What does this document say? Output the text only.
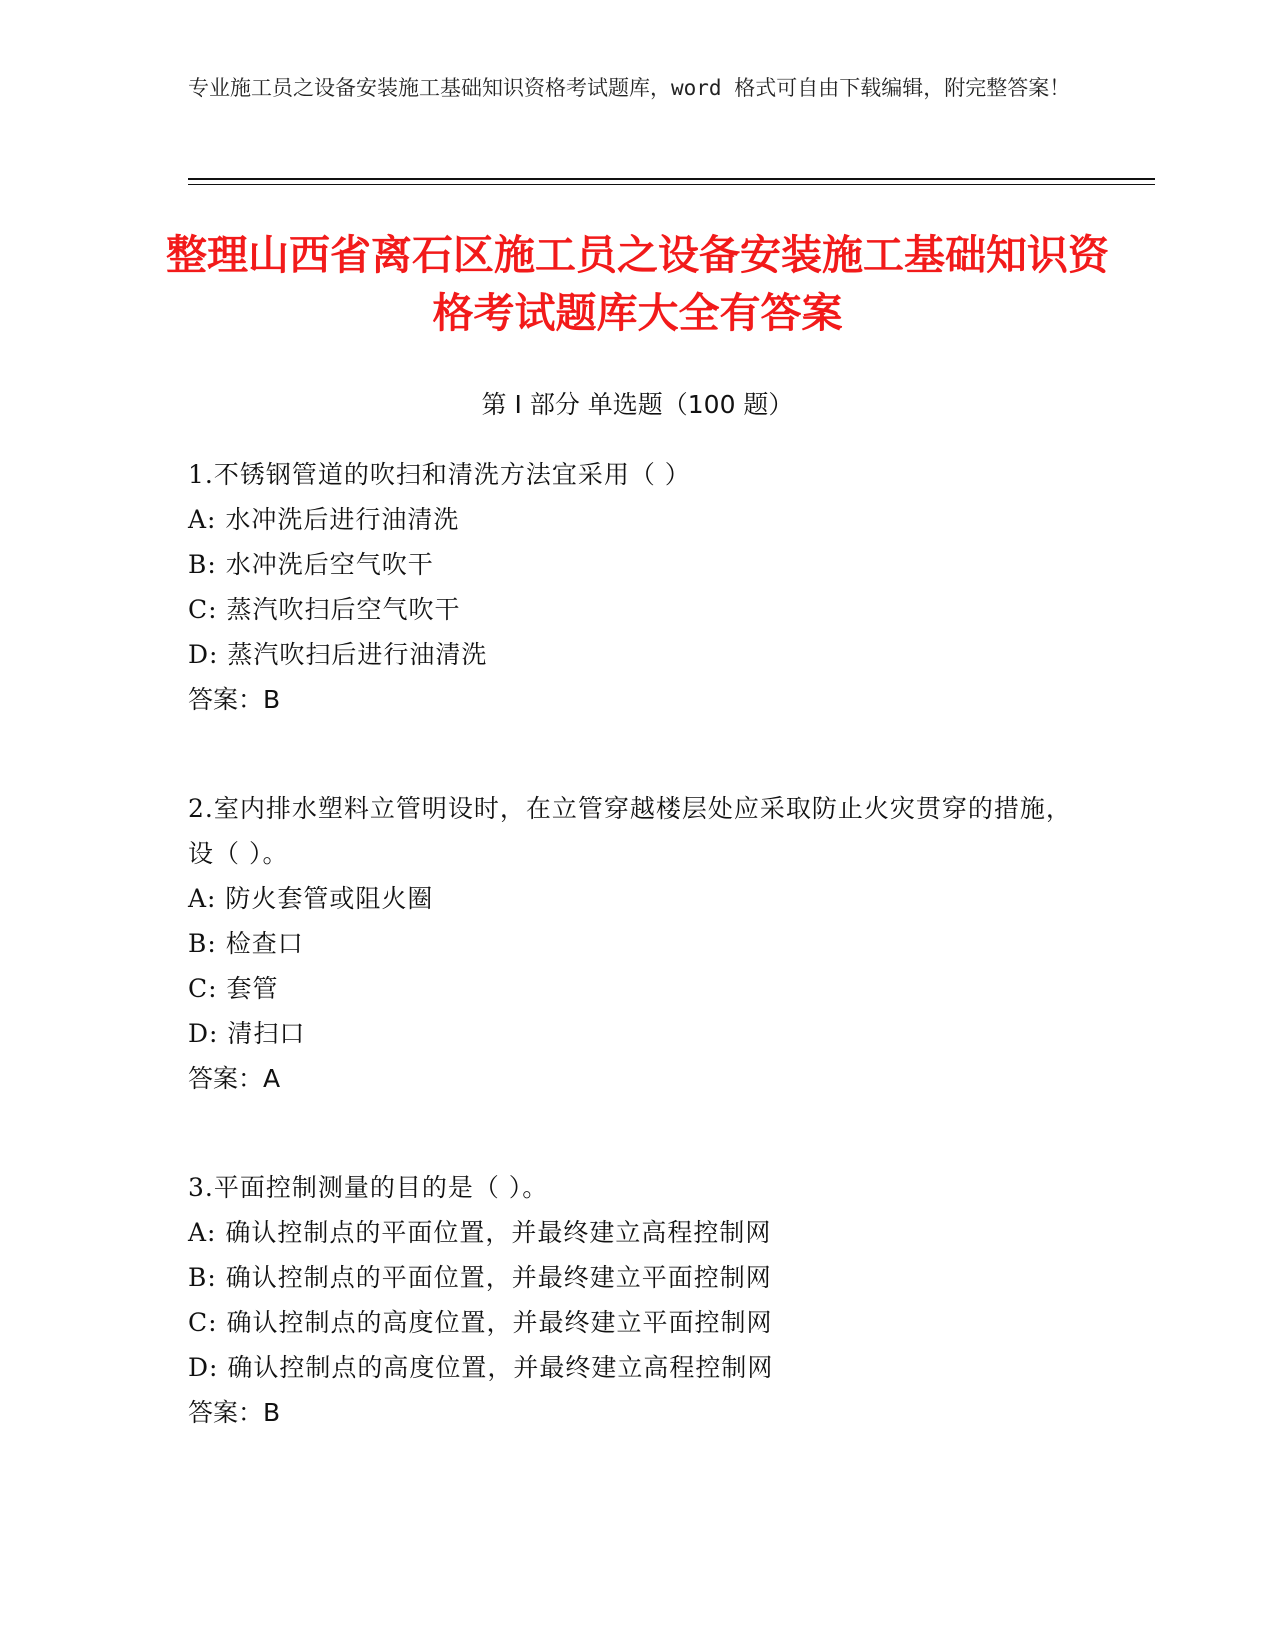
专业施工员之设备安装施工基础知识资格考试题库，word 格式可自由下载编辑，附完整答案！
整理山西省离石区施工员之设备安装施工基础知识资格考试题库大全有答案
第 I 部分 单选题（100 题）
1.不锈钢管道的吹扫和清洗方法宜采用（ ）
A: 水冲洗后进行油清洗
B: 水冲洗后空气吹干
C: 蒸汽吹扫后空气吹干
D: 蒸汽吹扫后进行油清洗
答案：B
2.室内排水塑料立管明设时，在立管穿越楼层处应采取防止火灾贯穿的措施，设（ ）。
A: 防火套管或阻火圈
B: 检查口
C: 套管
D: 清扫口
答案：A
3.平面控制测量的目的是（ ）。
A: 确认控制点的平面位置，并最终建立高程控制网
B: 确认控制点的平面位置，并最终建立平面控制网
C: 确认控制点的高度位置，并最终建立平面控制网
D: 确认控制点的高度位置，并最终建立高程控制网
答案：B
